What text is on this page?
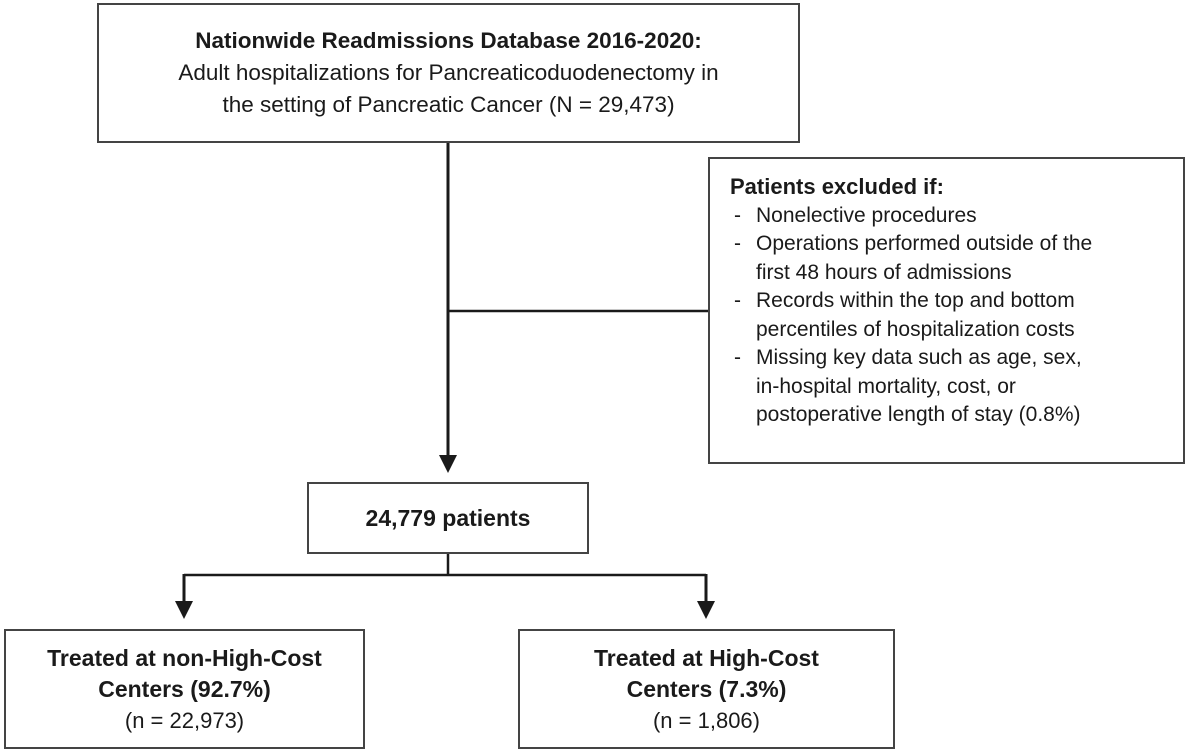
Nationwide Readmissions Database 2016-2020:
Adult hospitalizations for Pancreaticoduodenectomy in
the setting of Pancreatic Cancer (N = 29,473)
Patients excluded if:
- Nonelective procedures
- Operations performed outside of the
first 48 hours of admissions
- Records within the top and bottom
percentiles of hospitalization costs
- Missing key data such as age, sex,
in-hospital mortality, cost, or
postoperative length of stay (0.8%)
24,779 patients
Treated at non-High-Cost
Centers (92.7%)
(n = 22,973)
Treated at High-Cost
Centers (7.3%)
(n = 1,806)
